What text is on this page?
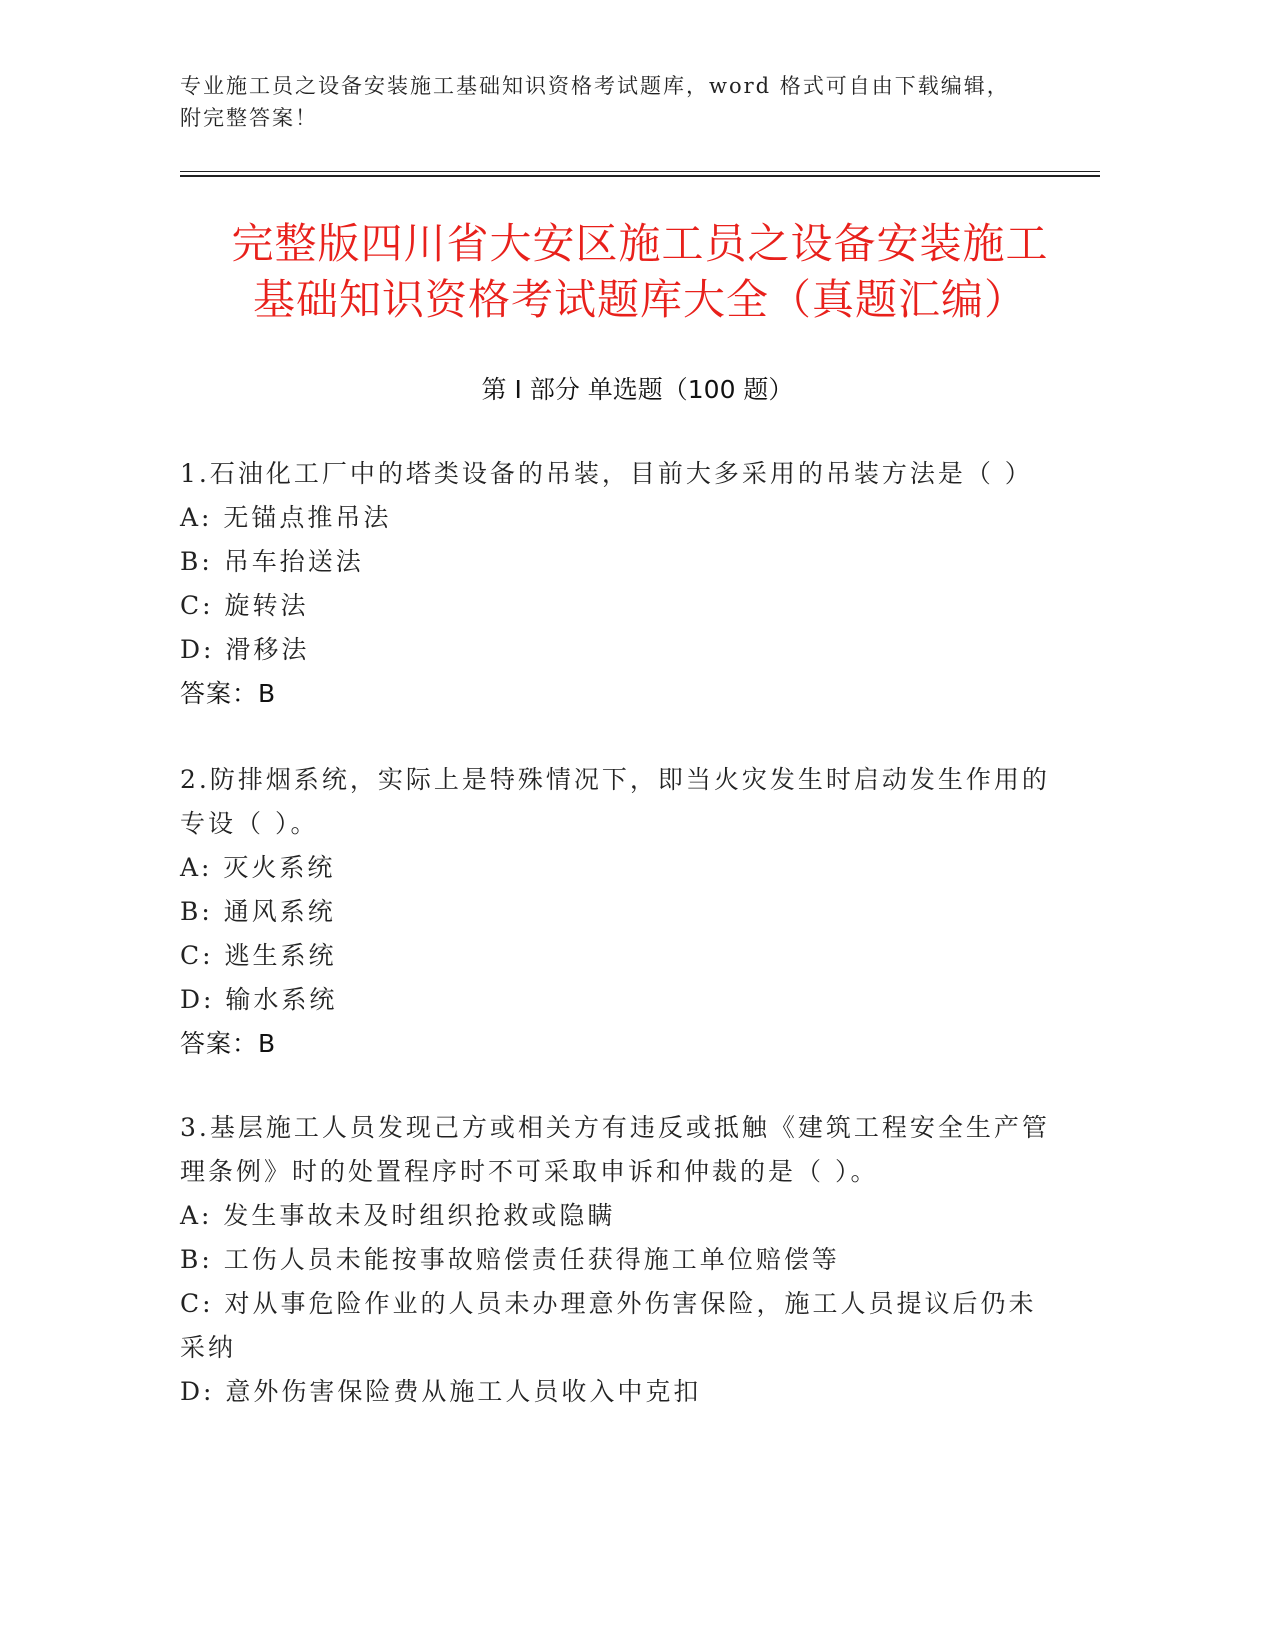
专业施工员之设备安装施工基础知识资格考试题库，word 格式可自由下载编辑，
附完整答案！
完整版四川省大安区施工员之设备安装施工
基础知识资格考试题库大全（真题汇编）
第 I 部分 单选题（100 题）
1.石油化工厂中的塔类设备的吊装，目前大多采用的吊装方法是（ ）
A: 无锚点推吊法
B: 吊车抬送法
C: 旋转法
D: 滑移法
答案：B
2.防排烟系统，实际上是特殊情况下，即当火灾发生时启动发生作用的专设（ ）。
A: 灭火系统
B: 通风系统
C: 逃生系统
D: 输水系统
答案：B
3.基层施工人员发现己方或相关方有违反或抵触《建筑工程安全生产管理条例》时的处置程序时不可采取申诉和仲裁的是（ ）。
A: 发生事故未及时组织抢救或隐瞒
B: 工伤人员未能按事故赔偿责任获得施工单位赔偿等
C: 对从事危险作业的人员未办理意外伤害保险，施工人员提议后仍未采纳
D: 意外伤害保险费从施工人员收入中克扣
